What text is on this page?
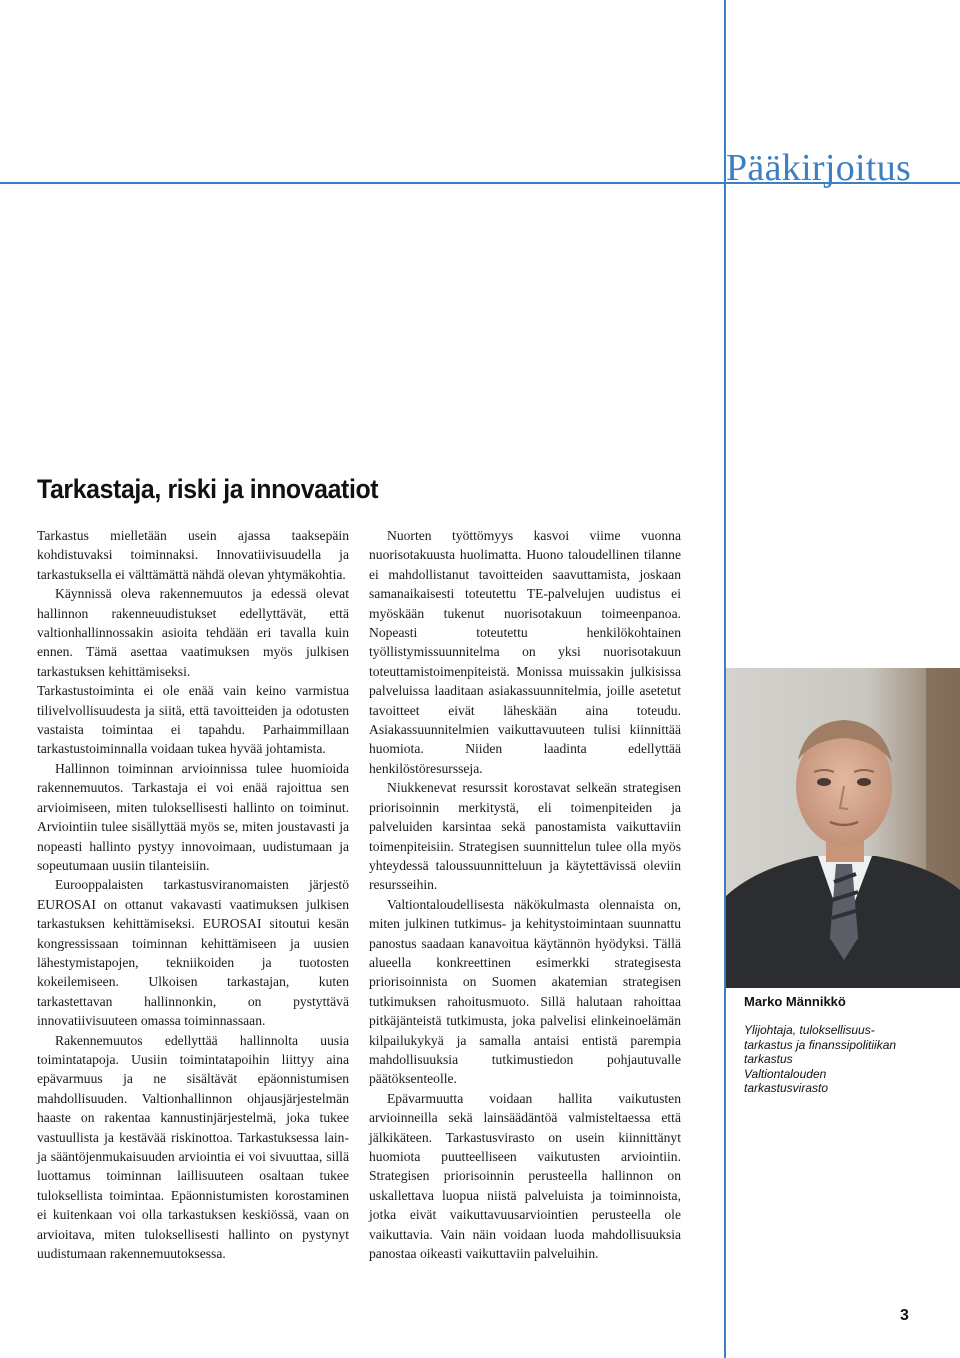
Pääkirjoitus
Tarkastaja, riski ja innovaatiot

Tarkastus mielletään usein ajassa taaksepäin kohdistuvaksi toiminnaksi. Innovatiivisuudella ja tarkastuksella ei välttämättä nähdä olevan yhtymäkohtia.

Käynnissä oleva rakennemuutos ja edessä olevat hallinnon rakenneuudistukset edellyttävät, että valtionhallinnossakin asioita tehdään eri tavalla kuin ennen. Tämä asettaa vaatimuksen myös julkisen tarkastuksen kehittämiseksi.

Tarkastustoiminta ei ole enää vain keino varmistua tilivelvollisuudesta ja siitä, että tavoitteiden ja odotusten vastaista toimintaa ei tapahdu. Parhaimmillaan tarkastustoiminnalla voidaan tukea hyvää johtamista.

Hallinnon toiminnan arvioinnissa tulee huomioida rakennemuutos. Tarkastaja ei voi enää rajoittua sen arvioimiseen, miten tuloksellisesti hallinto on toiminut. Arviointiin tulee sisällyttää myös se, miten joustavasti ja nopeasti hallinto pystyy innovoimaan, uudistumaan ja sopeutumaan uusiin tilanteisiin.

Eurooppalaisten tarkastusviranomaisten järjestö EUROSAI on ottanut vakavasti vaatimuksen julkisen tarkastuksen kehittämiseksi. EUROSAI sitoutui kesän kongressissaan toiminnan kehittämiseen ja uusien lähestymistapojen, tekniikoiden ja tuotosten kokeilemiseen. Ulkoisen tarkastajan, kuten tarkastettavan hallinnonkin, on pystyttävä innovatiivisuuteen omassa toiminnassaan.

Rakennemuutos edellyttää hallinnolta uusia toimintatapoja. Uusiin toimintatapoihin liittyy aina epävarmuus ja ne sisältävät epäonnistumisen mahdollisuuden. Valtionhallinnon ohjausjärjestelmän haaste on rakentaa kannustinjärjestelmä, joka tukee vastuullista ja kestävää riskinottoa. Tarkastuksessa lain- ja sääntöjenmukaisuuden arviointia ei voi sivuuttaa, sillä luottamus toiminnan laillisuuteen osaltaan tukee tuloksellista toimintaa. Epäonnistumisten korostaminen ei kuitenkaan voi olla tarkastuksen keskiössä, vaan on arvioitava, miten tuloksellisesti hallinto on pystynyt uudistumaan rakennemuutoksessa.

Nuorten työttömyys kasvoi viime vuonna nuorisotakuusta huolimatta. Huono taloudellinen tilanne ei mahdollistanut tavoitteiden saavuttamista, joskaan samanaikaisesti toteutettu TE-palvelujen uudistus ei myöskään tukenut nuorisotakuun toimeenpanoa. Nopeasti toteutettu henkilökohtainen työllistymissuunnitelma on yksi nuorisotakuun toteuttamistoimenpiteistä. Monissa muissakin julkisissa palveluissa laaditaan asiakassuunnitelmia, joille asetetut tavoitteet eivät läheskään aina toteudu. Asiakassuunnitelmien vaikuttavuuteen tulisi kiinnittää huomiota. Niiden laadinta edellyttää henkilöstöresursseja.

Niukkenevat resurssit korostavat selkeän strategisen priorisoinnin merkitystä, eli toimenpiteiden ja palveluiden karsintaa sekä panostamista vaikuttaviin toimenpiteisiin. Strategisen suunnittelun tulee olla myös yhteydessä taloussuunnitteluun ja käytettävissä oleviin resursseihin.

Valtiontaloudellisesta näkökulmasta olennaista on, miten julkinen tutkimus- ja kehitystoimintaan suunnattu panostus saadaan kanavoitua käytännön hyödyksi. Tällä alueella konkreettinen esimerkki strategisesta priorisoinnista on Suomen akatemian strategisen tutkimuksen rahoitusmuoto. Sillä halutaan rahoittaa pitkäjänteistä tutkimusta, joka palvelisi elinkeinoelämän kilpailukykyä ja samalla antaisi entistä parempia mahdollisuuksia tutkimustiedon pohjautuvalle päätöksenteolle.

Epävarmuutta voidaan hallita vaikutusten arvioinneilla sekä lainsäädäntöä valmisteltaessa että jälkikäteen. Tarkastusvirasto on usein kiinnittänyt huomiota puutteelliseen vaikutusten arviointiin. Strategisen priorisoinnin perusteella hallinnon on uskallettava luopua niistä palveluista ja toiminnoista, jotka eivät vaikuttavuusarviointien perusteella ole vaikuttavia. Vain näin voidaan luoda mahdollisuuksia panostaa oikeasti vaikuttaviin palveluihin.

Marko Männikkö
Ylijohtaja, tuloksellisuus-
tarkastus ja finanssipolitiikan
tarkastus
Valtiontalouden
tarkastusvirasto
3
